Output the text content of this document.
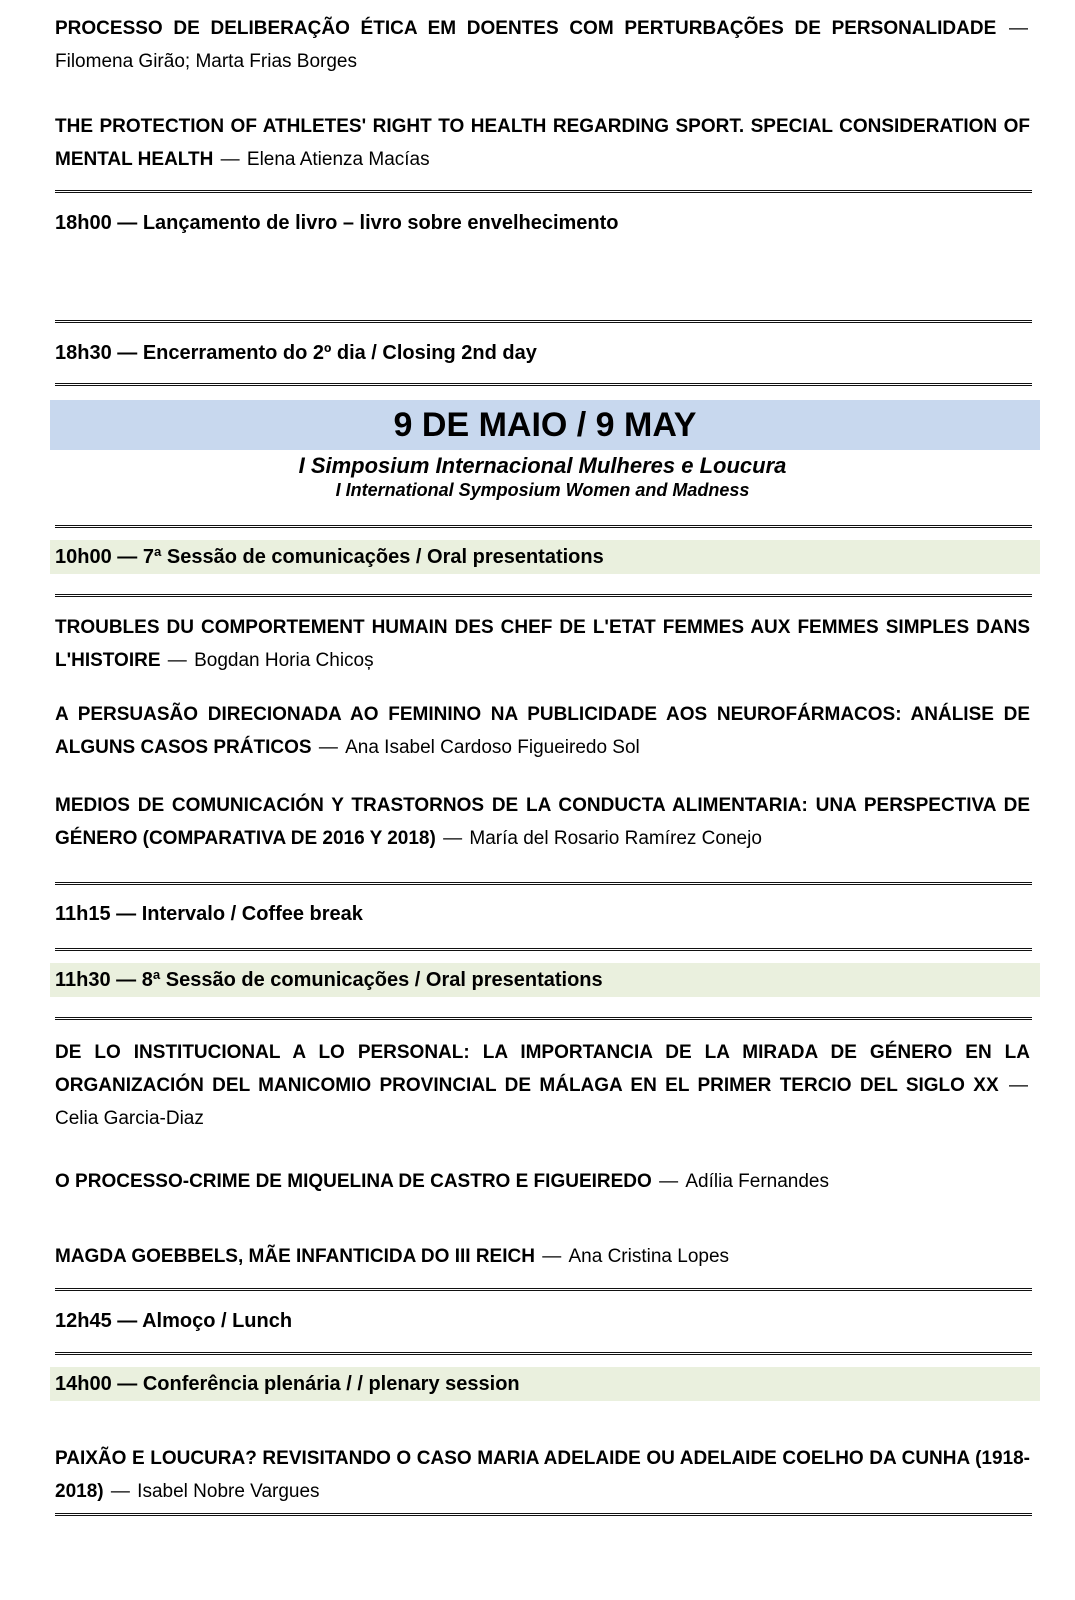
PROCESSO DE DELIBERAÇÃO ÉTICA EM DOENTES COM PERTURBAÇÕES DE PERSONALIDADE — Filomena Girão; Marta Frias Borges

THE PROTECTION OF ATHLETES' RIGHT TO HEALTH REGARDING SPORT. SPECIAL CONSIDERATION OF MENTAL HEALTH — Elena Atienza Macías

18h00 — Lançamento de livro – livro sobre envelhecimento

18h30 — Encerramento do 2º dia / Closing 2nd day

9 DE MAIO / 9 MAY

I Simposium Internacional Mulheres e Loucura

I International Symposium Women and Madness

10h00 — 7ª Sessão de comunicações / Oral presentations

TROUBLES DU COMPORTEMENT HUMAIN DES CHEF DE L'ETAT FEMMES AUX FEMMES SIMPLES DANS L'HISTOIRE — Bogdan Horia Chicoș

A PERSUASÃO DIRECIONADA AO FEMININO NA PUBLICIDADE AOS NEUROFÁRMACOS: ANÁLISE DE ALGUNS CASOS PRÁTICOS — Ana Isabel Cardoso Figueiredo Sol

MEDIOS DE COMUNICACIÓN Y TRASTORNOS DE LA CONDUCTA ALIMENTARIA: UNA PERSPECTIVA DE GÉNERO (COMPARATIVA DE 2016 Y 2018) — María del Rosario Ramírez Conejo

11h15 — Intervalo / Coffee break

11h30 — 8ª Sessão de comunicações / Oral presentations

DE LO INSTITUCIONAL A LO PERSONAL: LA IMPORTANCIA DE LA MIRADA DE GÉNERO EN LA ORGANIZACIÓN DEL MANICOMIO PROVINCIAL DE MÁLAGA EN EL PRIMER TERCIO DEL SIGLO XX — Celia Garcia-Diaz

O PROCESSO-CRIME DE MIQUELINA DE CASTRO E FIGUEIREDO — Adília Fernandes

MAGDA GOEBBELS, MÃE INFANTICIDA DO III REICH — Ana Cristina Lopes

12h45 — Almoço / Lunch

14h00 — Conferência plenária / / plenary session

PAIXÃO E LOUCURA? REVISITANDO O CASO MARIA ADELAIDE OU ADELAIDE COELHO DA CUNHA (1918-2018) — Isabel Nobre Vargues
